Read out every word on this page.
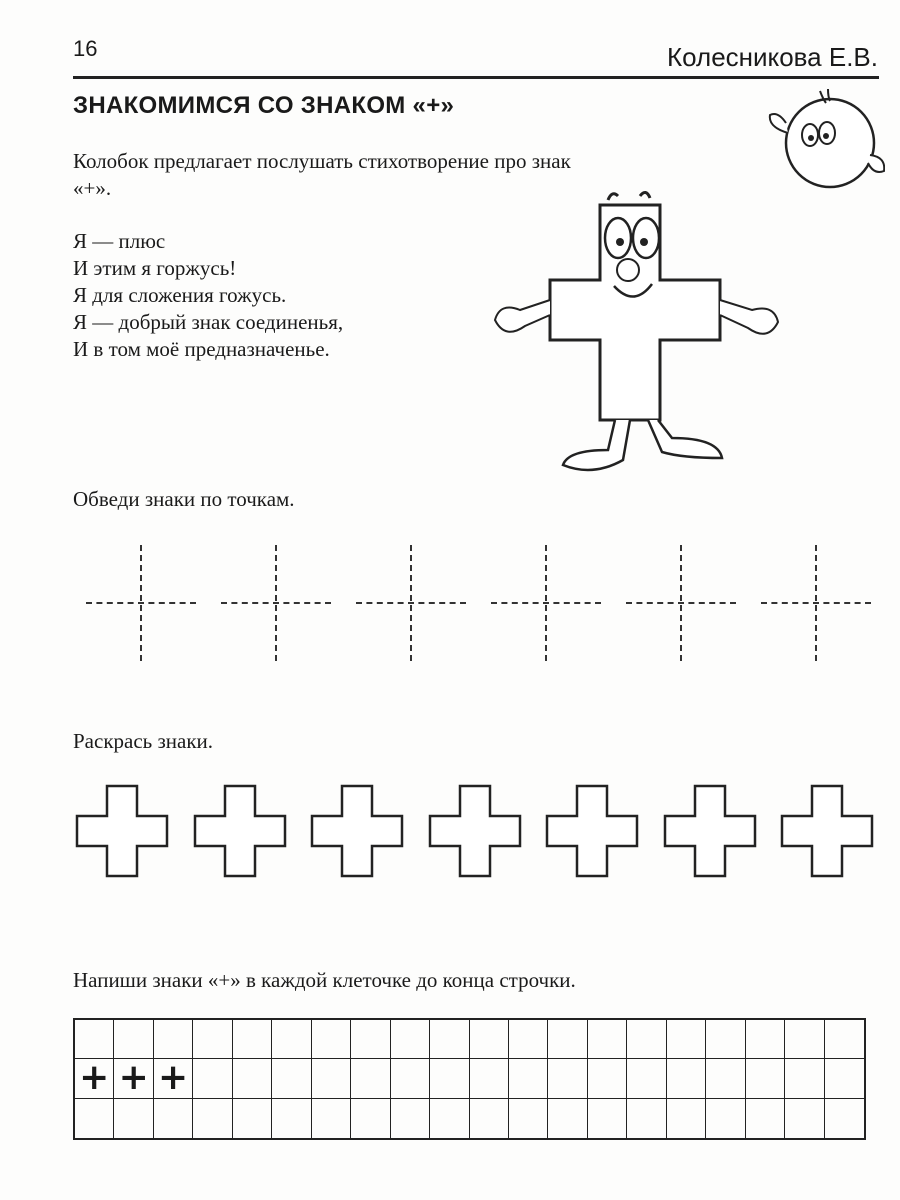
16	Колесникова Е.В.
ЗНАКОМИМСЯ СО ЗНАКОМ «+»
Колобок предлагает послушать стихотворение про знак «+».
Я — плюс
И этим я горжусь!
Я для сложения гожусь.
Я — добрый знак соединенья,
И в том моё предназначенье.
Обведи знаки по точкам.
Раскрась знаки.
Напиши знаки «+» в каждой клеточке до конца строчки.
+ + +
